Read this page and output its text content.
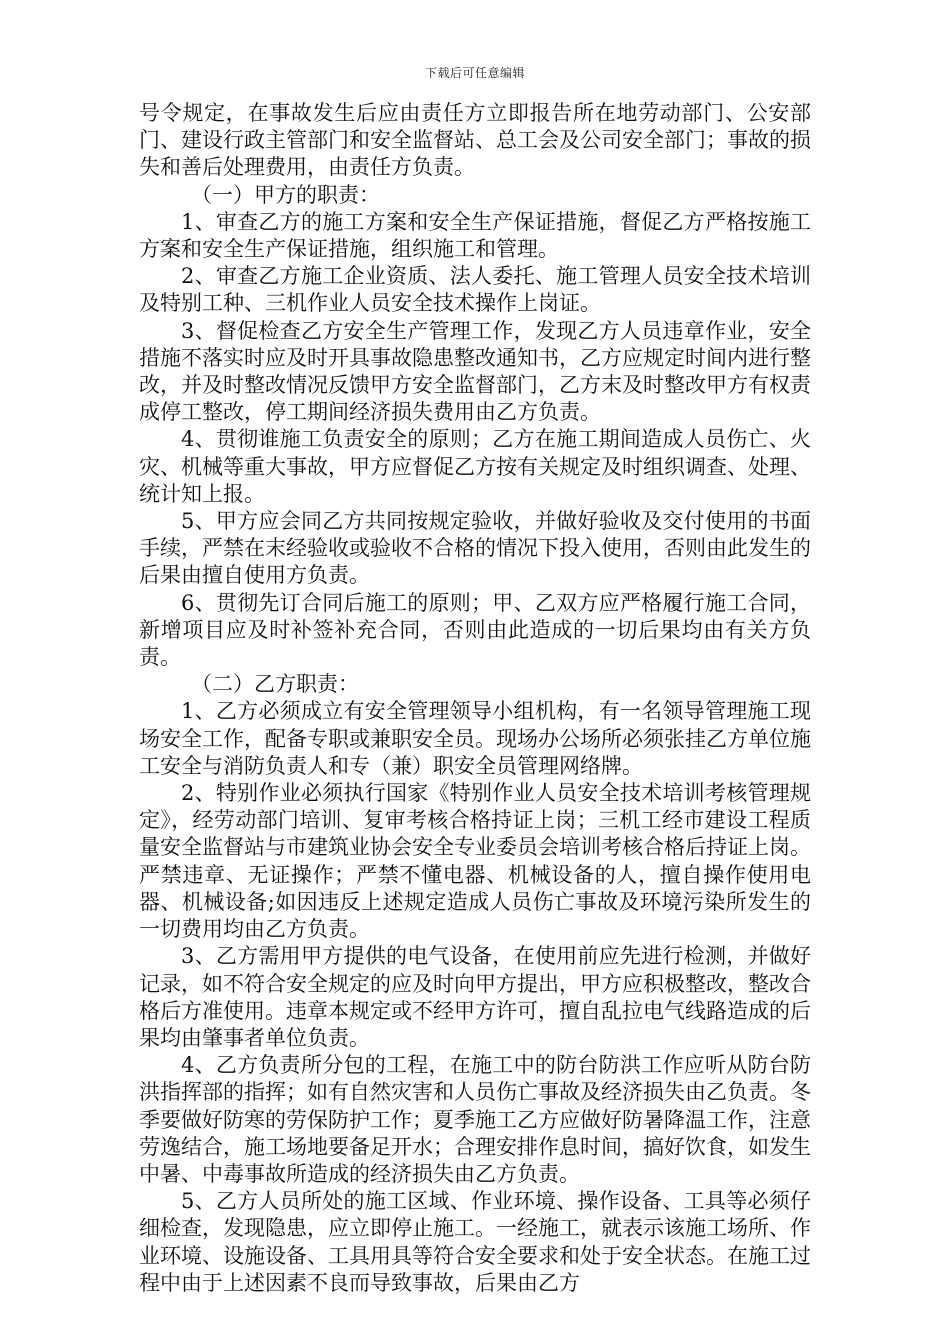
下载后可任意编辑

号令规定，在事故发生后应由责任方立即报告所在地劳动部门、公安部门、建设行政主管部门和安全监督站、总工会及公司安全部门；事故的损失和善后处理费用，由责任方负责。

（一）甲方的职责：

1、审查乙方的施工方案和安全生产保证措施，督促乙方严格按施工方案和安全生产保证措施，组织施工和管理。

2、审查乙方施工企业资质、法人委托、施工管理人员安全技术培训及特别工种、三机作业人员安全技术操作上岗证。

3、督促检查乙方安全生产管理工作，发现乙方人员违章作业，安全措施不落实时应及时开具事故隐患整改通知书，乙方应规定时间内进行整改，并及时整改情况反馈甲方安全监督部门，乙方末及时整改甲方有权责成停工整改，停工期间经济损失费用由乙方负责。

4、贯彻谁施工负责安全的原则；乙方在施工期间造成人员伤亡、火灾、机械等重大事故，甲方应督促乙方按有关规定及时组织调查、处理、统计知上报。

5、甲方应会同乙方共同按规定验收，并做好验收及交付使用的书面手续，严禁在末经验收或验收不合格的情况下投入使用，否则由此发生的后果由擅自使用方负责。

6、贯彻先订合同后施工的原则；甲、乙双方应严格履行施工合同，新增项目应及时补签补充合同，否则由此造成的一切后果均由有关方负责。

（二）乙方职责：

1、乙方必须成立有安全管理领导小组机构，有一名领导管理施工现场安全工作，配备专职或兼职安全员。现场办公场所必须张挂乙方单位施工安全与消防负责人和专（兼）职安全员管理网络牌。

2、特别作业必须执行国家《特别作业人员安全技术培训考核管理规定》，经劳动部门培训、复审考核合格持证上岗；三机工经市建设工程质量安全监督站与市建筑业协会安全专业委员会培训考核合格后持证上岗。严禁违章、无证操作；严禁不懂电器、机械设备的人，擅自操作使用电器、机械设备;如因违反上述规定造成人员伤亡事故及环境污染所发生的一切费用均由乙方负责。

3、乙方需用甲方提供的电气设备，在使用前应先进行检测，并做好记录，如不符合安全规定的应及时向甲方提出，甲方应积极整改，整改合格后方准使用。违章本规定或不经甲方许可，擅自乱拉电气线路造成的后果均由肇事者单位负责。

4、乙方负责所分包的工程，在施工中的防台防洪工作应听从防台防洪指挥部的指挥；如有自然灾害和人员伤亡事故及经济损失由乙负责。冬季要做好防寒的劳保防护工作；夏季施工乙方应做好防暑降温工作，注意劳逸结合，施工场地要备足开水；合理安排作息时间，搞好饮食，如发生中暑、中毒事故所造成的经济损失由乙方负责。

5、乙方人员所处的施工区域、作业环境、操作设备、工具等必须仔细检查，发现隐患，应立即停止施工。一经施工，就表示该施工场所、作业环境、设施设备、工具用具等符合安全要求和处于安全状态。在施工过程中由于上述因素不良而导致事故，后果由乙方
